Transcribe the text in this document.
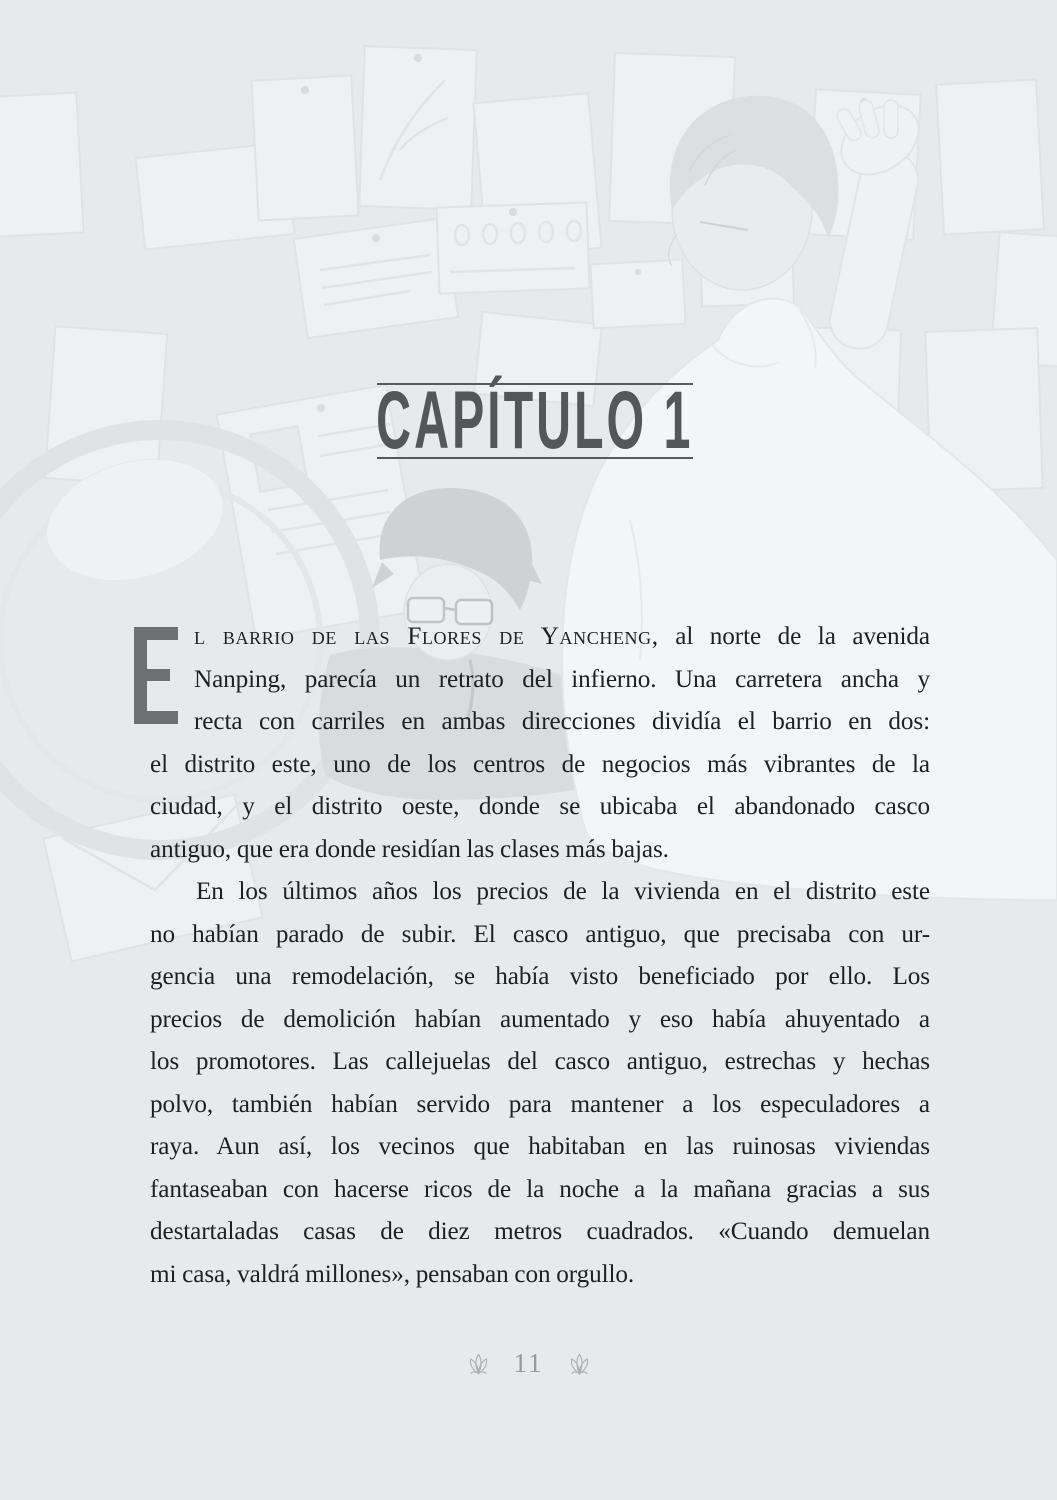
CAPÍTULO 1
l barrio de las Flores de Yancheng, al norte de la avenida
Nanping, parecía un retrato del infierno. Una carretera ancha y
recta con carriles en ambas direcciones dividía el barrio en dos:
el distrito este, uno de los centros de negocios más vibrantes de la
ciudad, y el distrito oeste, donde se ubicaba el abandonado casco
antiguo, que era donde residían las clases más bajas.
En los últimos años los precios de la vivienda en el distrito este
no habían parado de subir. El casco antiguo, que precisaba con ur-
gencia una remodelación, se había visto beneficiado por ello. Los
precios de demolición habían aumentado y eso había ahuyentado a
los promotores. Las callejuelas del casco antiguo, estrechas y hechas
polvo, también habían servido para mantener a los especuladores a
raya. Aun así, los vecinos que habitaban en las ruinosas viviendas
fantaseaban con hacerse ricos de la noche a la mañana gracias a sus
destartaladas casas de diez metros cuadrados. «Cuando demuelan
mi casa, valdrá millones», pensaban con orgullo.
11
